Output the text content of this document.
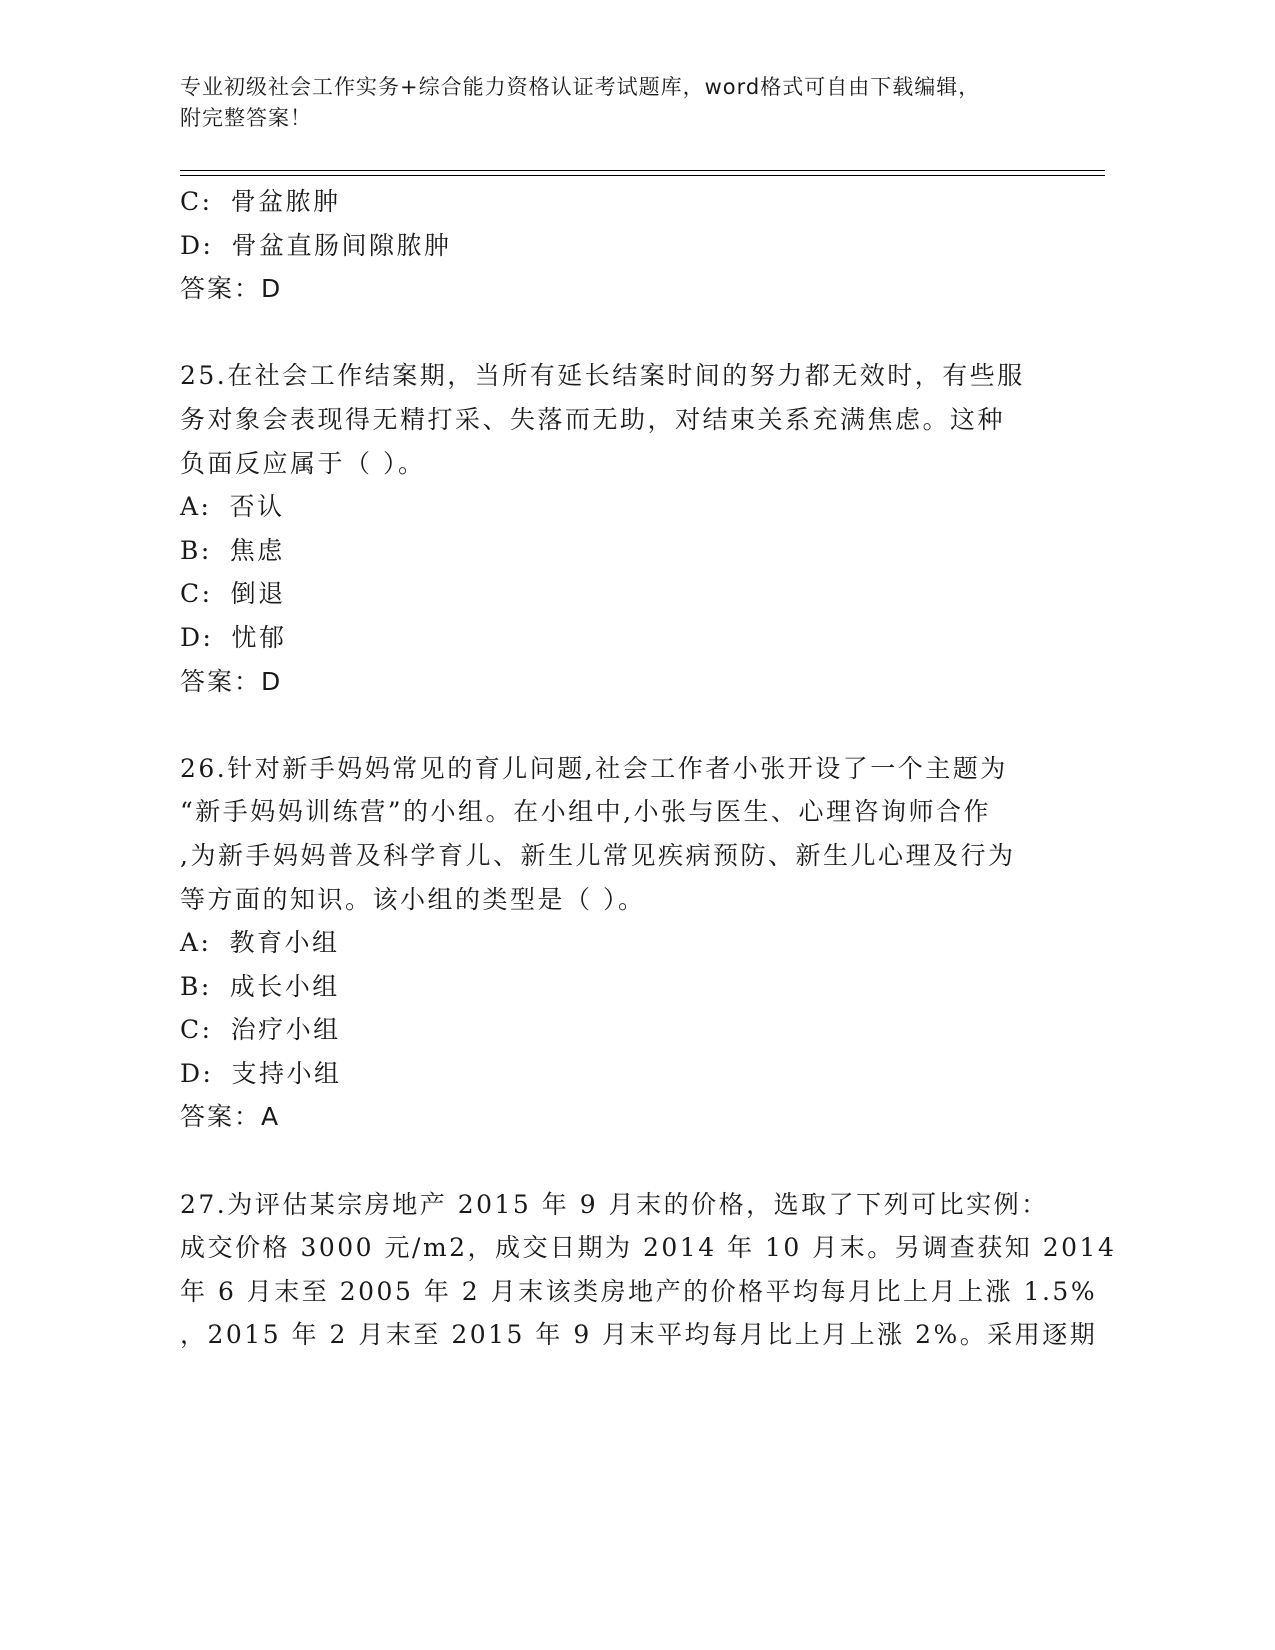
专业初级社会工作实务+综合能力资格认证考试题库，word格式可自由下载编辑，
附完整答案！
C: 骨盆脓肿
D: 骨盆直肠间隙脓肿
答案：D
25.在社会工作结案期，当所有延长结案时间的努力都无效时，有些服
务对象会表现得无精打采、失落而无助，对结束关系充满焦虑。这种
负面反应属于（ ）。
A: 否认
B: 焦虑
C: 倒退
D: 忧郁
答案：D
26.针对新手妈妈常见的育儿问题,社会工作者小张开设了一个主题为
“新手妈妈训练营”的小组。在小组中,小张与医生、心理咨询师合作
,为新手妈妈普及科学育儿、新生儿常见疾病预防、新生儿心理及行为
等方面的知识。该小组的类型是（ ）。
A: 教育小组
B: 成长小组
C: 治疗小组
D: 支持小组
答案：A
27.为评估某宗房地产 2015 年 9 月末的价格，选取了下列可比实例：
成交价格 3000 元/m2，成交日期为 2014 年 10 月末。另调查获知 2014
年 6 月末至 2005 年 2 月末该类房地产的价格平均每月比上月上涨 1.5%
，2015 年 2 月末至 2015 年 9 月末平均每月比上月上涨 2%。采用逐期
